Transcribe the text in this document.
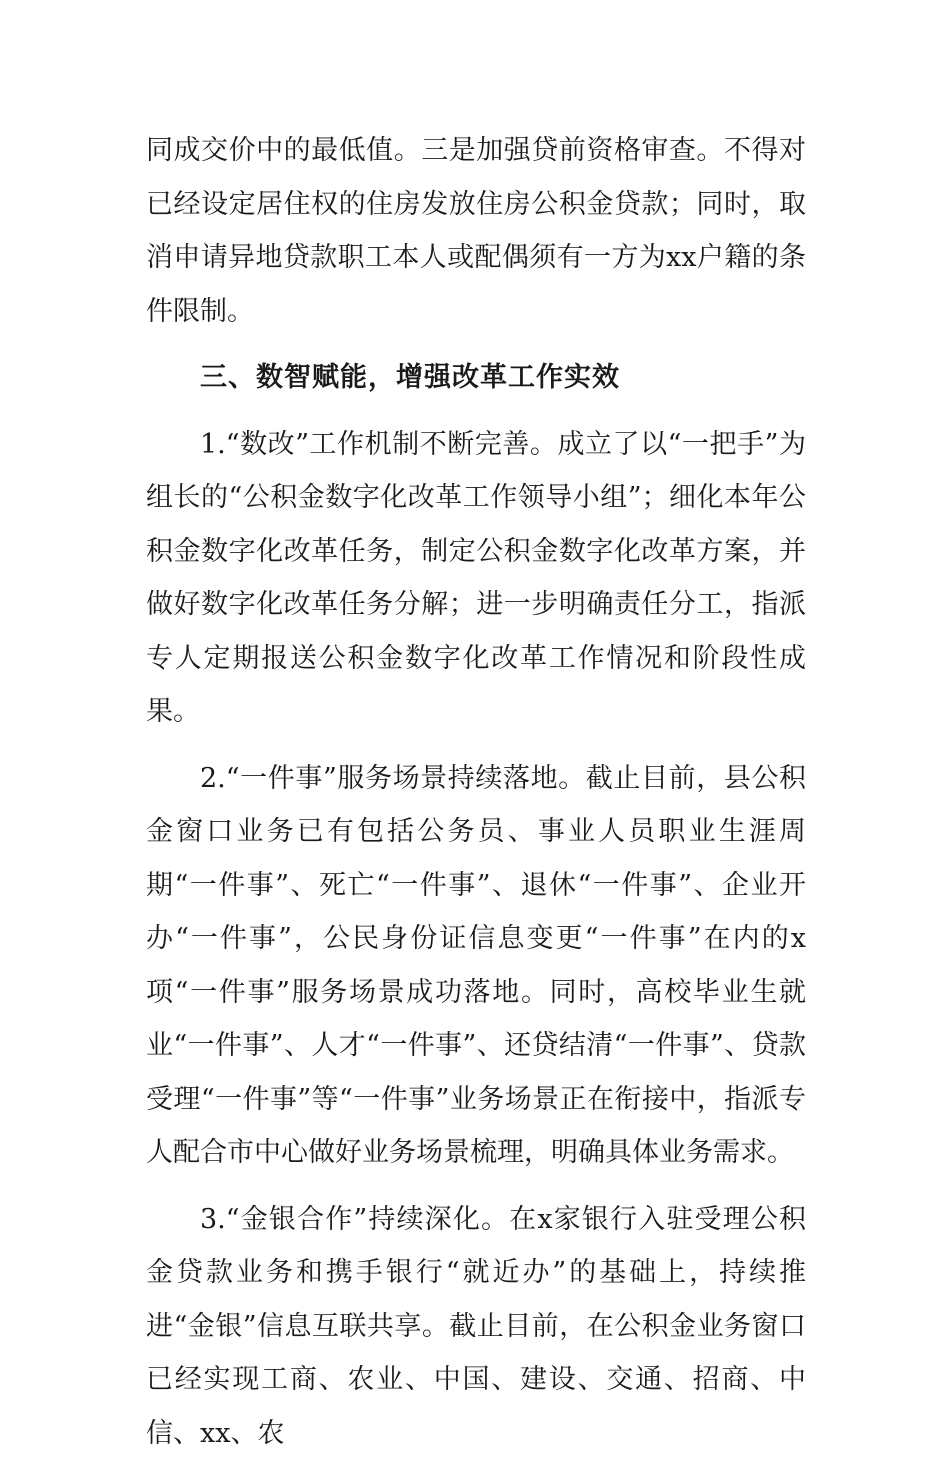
同成交价中的最低值。三是加强贷前资格审查。不得对已经设定居住权的住房发放住房公积金贷款；同时，取消申请异地贷款职工本人或配偶须有一方为xx户籍的条件限制。

三、数智赋能，增强改革工作实效

1.“数改”工作机制不断完善。成立了以“一把手”为组长的“公积金数字化改革工作领导小组”；细化本年公积金数字化改革任务，制定公积金数字化改革方案，并做好数字化改革任务分解；进一步明确责任分工，指派专人定期报送公积金数字化改革工作情况和阶段性成果。

2.“一件事”服务场景持续落地。截止目前，县公积金窗口业务已有包括公务员、事业人员职业生涯周期“一件事”、死亡“一件事”、退休“一件事”、企业开办“一件事”，公民身份证信息变更“一件事”在内的x项“一件事”服务场景成功落地。同时，高校毕业生就业“一件事”、人才“一件事”、还贷结清“一件事”、贷款受理“一件事”等“一件事”业务场景正在衔接中，指派专人配合市中心做好业务场景梳理，明确具体业务需求。

3.“金银合作”持续深化。在x家银行入驻受理公积金贷款业务和携手银行“就近办”的基础上，持续推进“金银”信息互联共享。截止目前，在公积金业务窗口已经实现工商、农业、中国、建设、交通、招商、中信、xx、农
